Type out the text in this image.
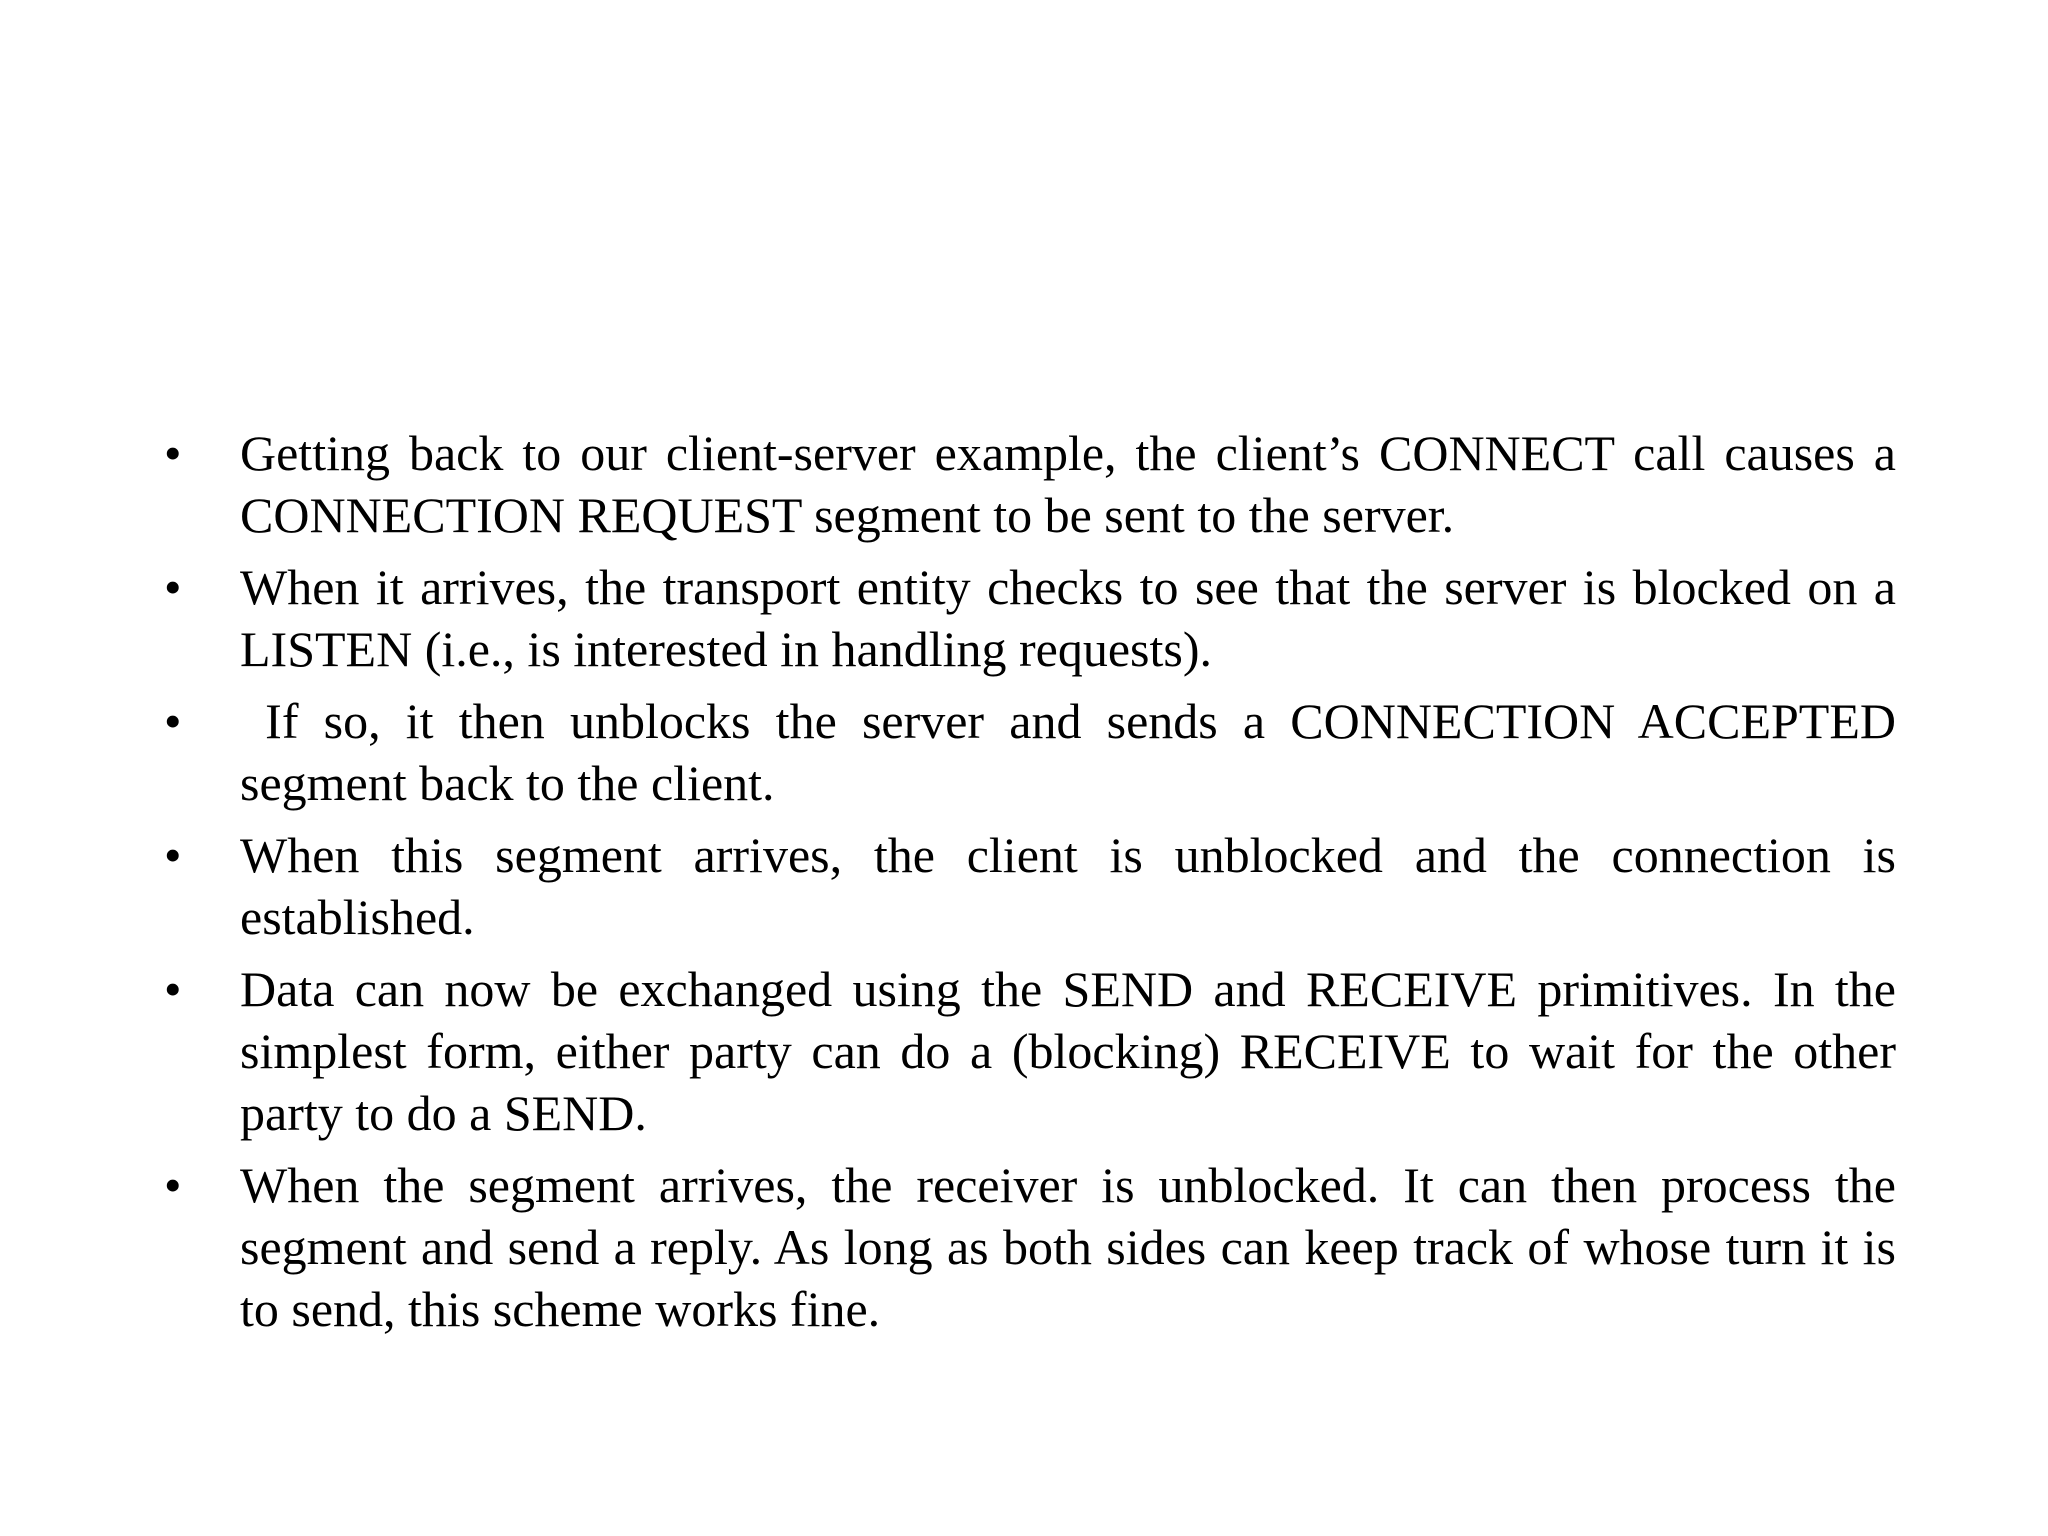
•	Getting back to our client-server example, the client’s CONNECT call causes a CONNECTION REQUEST segment to be sent to the server.
•	When it arrives, the transport entity checks to see that the server is blocked on a LISTEN (i.e., is interested in handling requests).
•	If so, it then unblocks the server and sends a CONNECTION ACCEPTED segment back to the client.
•	When this segment arrives, the client is unblocked and the connection is established.
•	Data can now be exchanged using the SEND and RECEIVE primitives. In the simplest form, either party can do a (blocking) RECEIVE to wait for the other party to do a SEND.
•	When the segment arrives, the receiver is unblocked. It can then process the segment and send a reply. As long as both sides can keep track of whose turn it is to send, this scheme works fine.
